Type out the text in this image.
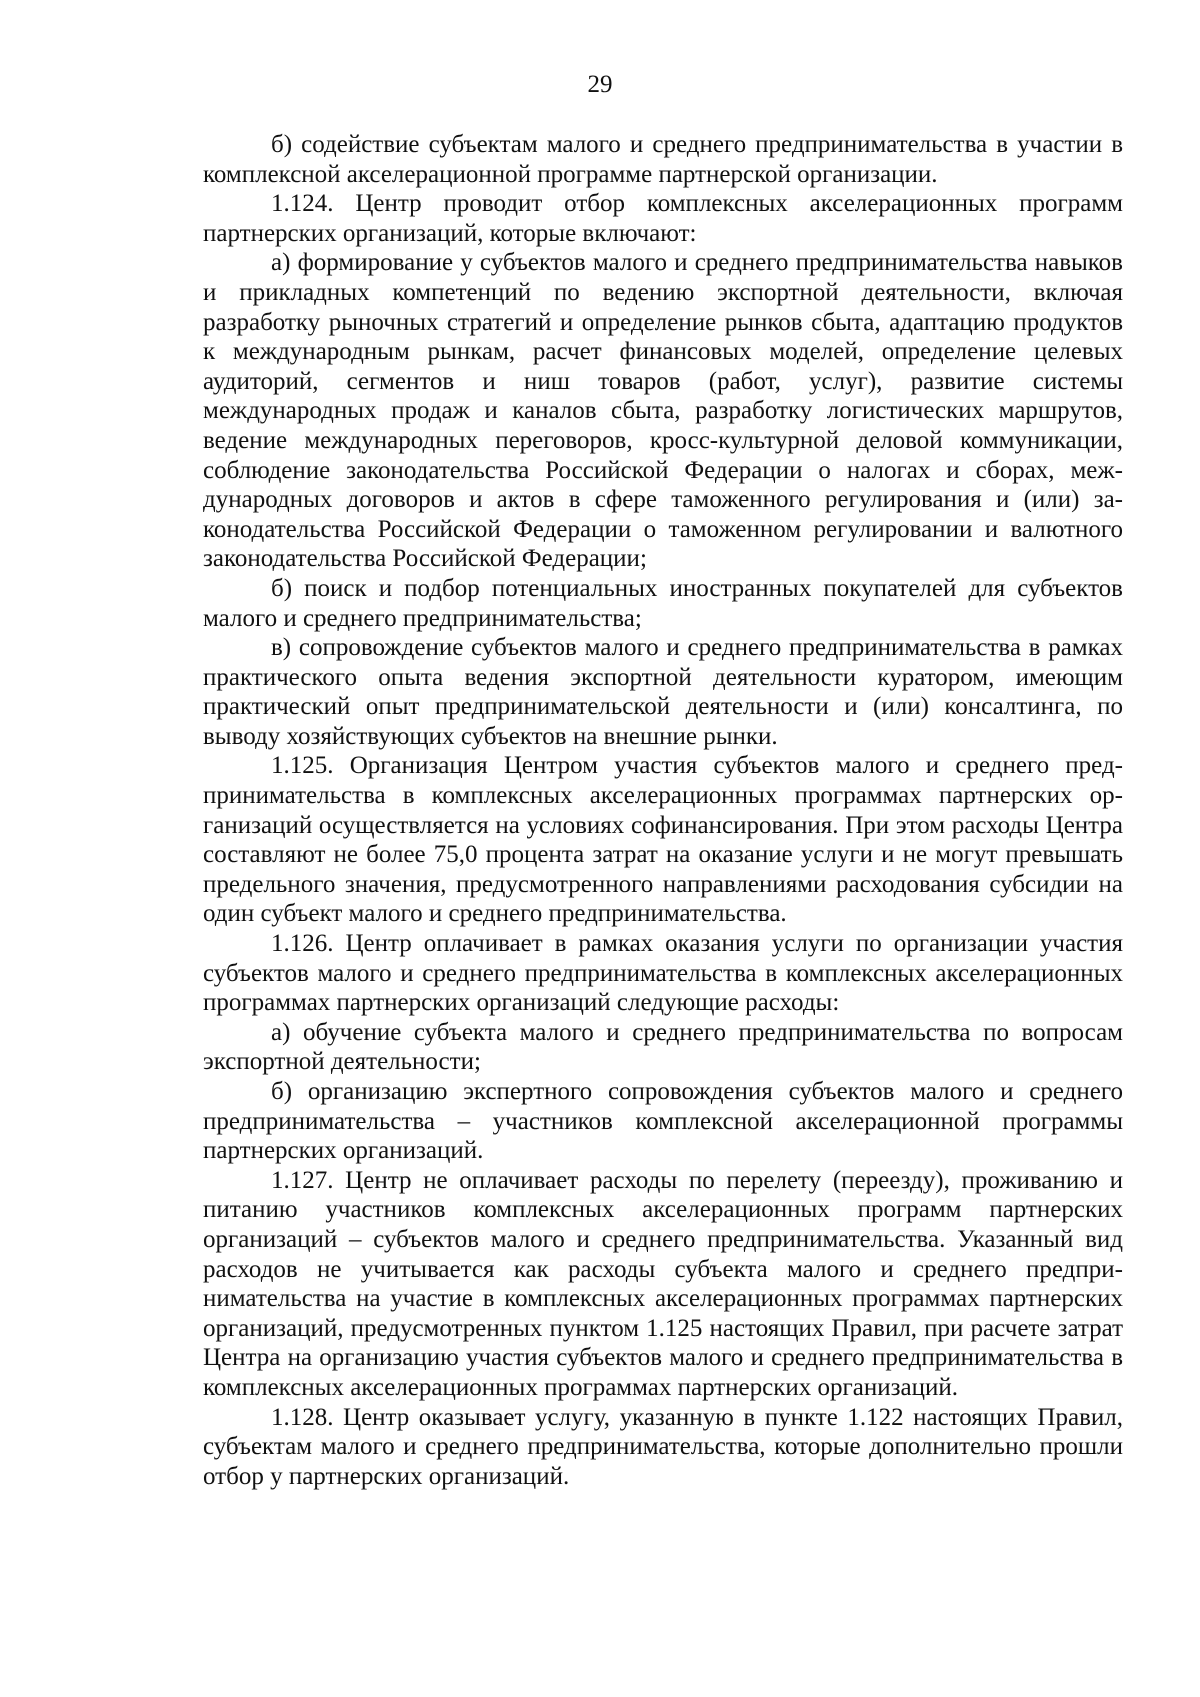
29

б) содействие субъектам малого и среднего предпринимательства в участии в комплексной акселерационной программе партнерской организации.

1.124. Центр проводит отбор комплексных акселерационных программ партнерских организаций, которые включают:

а) формирование у субъектов малого и среднего предпринимательства навыков и прикладных компетенций по ведению экспортной деятельности, включая разработку рыночных стратегий и определение рынков сбыта, адаптацию продуктов к международным рынкам, расчет финансовых моделей, определение целевых аудиторий, сегментов и ниш товаров (работ, услуг), развитие системы международных продаж и каналов сбыта, разработку логистических маршрутов, ведение международных переговоров, кросс-культурной деловой коммуникации, соблюдение законодательства Российской Федерации о налогах и сборах, международных договоров и актов в сфере таможенного регулирования и (или) законодательства Российской Федерации о таможенном регулировании и валютного законодательства Российской Федерации;

б) поиск и подбор потенциальных иностранных покупателей для субъектов малого и среднего предпринимательства;

в) сопровождение субъектов малого и среднего предпринимательства в рамках практического опыта ведения экспортной деятельности куратором, имеющим практический опыт предпринимательской деятельности и (или) консалтинга, по выводу хозяйствующих субъектов на внешние рынки.

1.125. Организация Центром участия субъектов малого и среднего предпринимательства в комплексных акселерационных программах партнерских организаций осуществляется на условиях софинансирования. При этом расходы Центра составляют не более 75,0 процента затрат на оказание услуги и не могут превышать предельного значения, предусмотренного направлениями расходования субсидии на один субъект малого и среднего предпринимательства.

1.126. Центр оплачивает в рамках оказания услуги по организации участия субъектов малого и среднего предпринимательства в комплексных акселерационных программах партнерских организаций следующие расходы:

а) обучение субъекта малого и среднего предпринимательства по вопросам экспортной деятельности;

б) организацию экспертного сопровождения субъектов малого и среднего предпринимательства – участников комплексной акселерационной программы партнерских организаций.

1.127. Центр не оплачивает расходы по перелету (переезду), проживанию и питанию участников комплексных акселерационных программ партнерских организаций – субъектов малого и среднего предпринимательства. Указанный вид расходов не учитывается как расходы субъекта малого и среднего предпринимательства на участие в комплексных акселерационных программах партнерских организаций, предусмотренных пунктом 1.125 настоящих Правил, при расчете затрат Центра на организацию участия субъектов малого и среднего предпринимательства в комплексных акселерационных программах партнерских организаций.

1.128. Центр оказывает услугу, указанную в пункте 1.122 настоящих Правил, субъектам малого и среднего предпринимательства, которые дополнительно прошли отбор у партнерских организаций.
